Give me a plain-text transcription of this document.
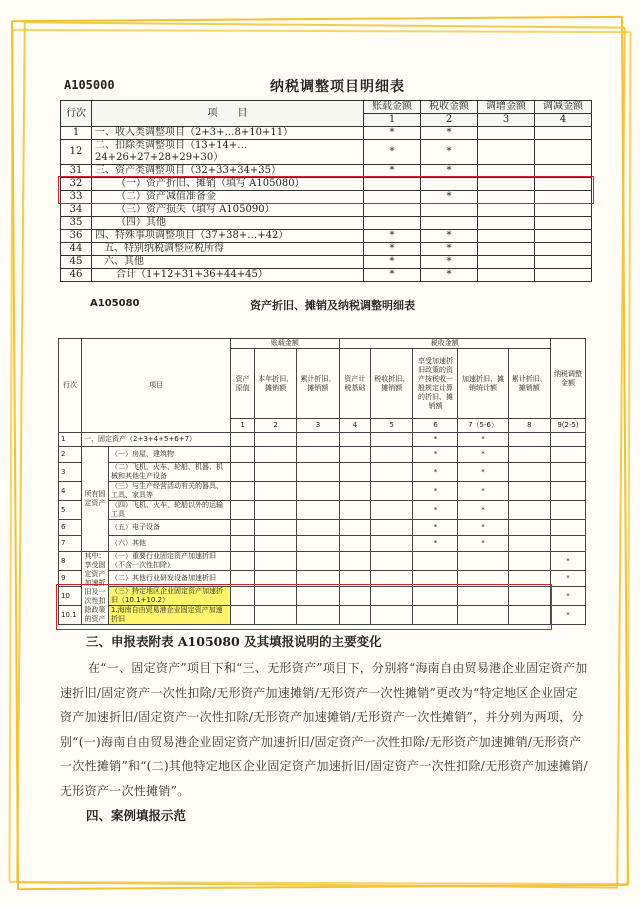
A105000	纳税调整项目明细表
行次	项　　目	账载金额	税收金额	调增金额	调减金额
		1	2	3	4
1	一、收入类调整项目（2+3+…8+10+11）	*	*		
12	二、扣除类调整项目（13+14+…24+26+27+28+29+30）	*	*		
31	三、资产类调整项目（32+33+34+35）	*	*		
32	（一）资产折旧、摊销（填写 A105080）				
33	（二）资产减值准备金		*		
34	（三）资产损失（填写 A105090）				
35	（四）其他				
36	四、特殊事项调整项目（37+38+…+42）	*	*		
44	五、特别纳税调整应税所得	*	*		
45	六、其他	*	*		
46	合计（1+12+31+36+44+45）	*	*		
A105080	资产折旧、摊销及纳税调整明细表
行次	项目		账载金额			税收金额					纳税调整金额
			资产原值	本年折旧、摊销额	累计折旧、摊销额	资产计税基础	税收折旧、摊销额	享受加速折旧政策的资产按税收一般规定计算的折旧、摊销额	加速折旧、摊销统计额	累计折旧、摊销额	
			1	2	3	4	5	6	7（5-6）	8	9(2-5)
1	一、固定资产（2+3+4+5+6+7）							*	*		
2	所有固定资产	（一）房屋、建筑物						*	*		
3		（二）飞机、火车、轮船、机器、机械和其他生产设备						*	*		
4		（三）与生产经营活动有关的器具、工具、家具等						*	*		
5		（四）飞机、火车、轮船以外的运输工具						*	*		
6		（五）电子设备						*	*		
7		（六）其他						*	*		
8	其中：享受固定资产加速折旧及一次性扣除政策的资产	（一）重要行业固定资产加速折旧（不含一次性扣除）									*
9		（二）其他行业研发设备加速折旧									*
10		（三）特定地区企业固定资产加速折旧（10.1+10.2）									*
10.1		1.海南自由贸易港企业固定资产加速折旧									*
三、申报表附表 A105080 及其填报说明的主要变化
在“一、固定资产”项目下和“三、无形资产”项目下，分别将“海南自由贸易港企业固定资产加速折旧/固定资产一次性扣除/无形资产加速摊销/无形资产一次性摊销”更改为“特定地区企业固定资产加速折旧/固定资产一次性扣除/无形资产加速摊销/无形资产一次性摊销”，并分列为两项，分别“(一)海南自由贸易港企业固定资产加速折旧/固定资产一次性扣除/无形资产加速摊销/无形资产一次性摊销”和“(二)其他特定地区企业固定资产加速折旧/固定资产一次性扣除/无形资产加速摊销/无形资产一次性摊销”。
四、案例填报示范
